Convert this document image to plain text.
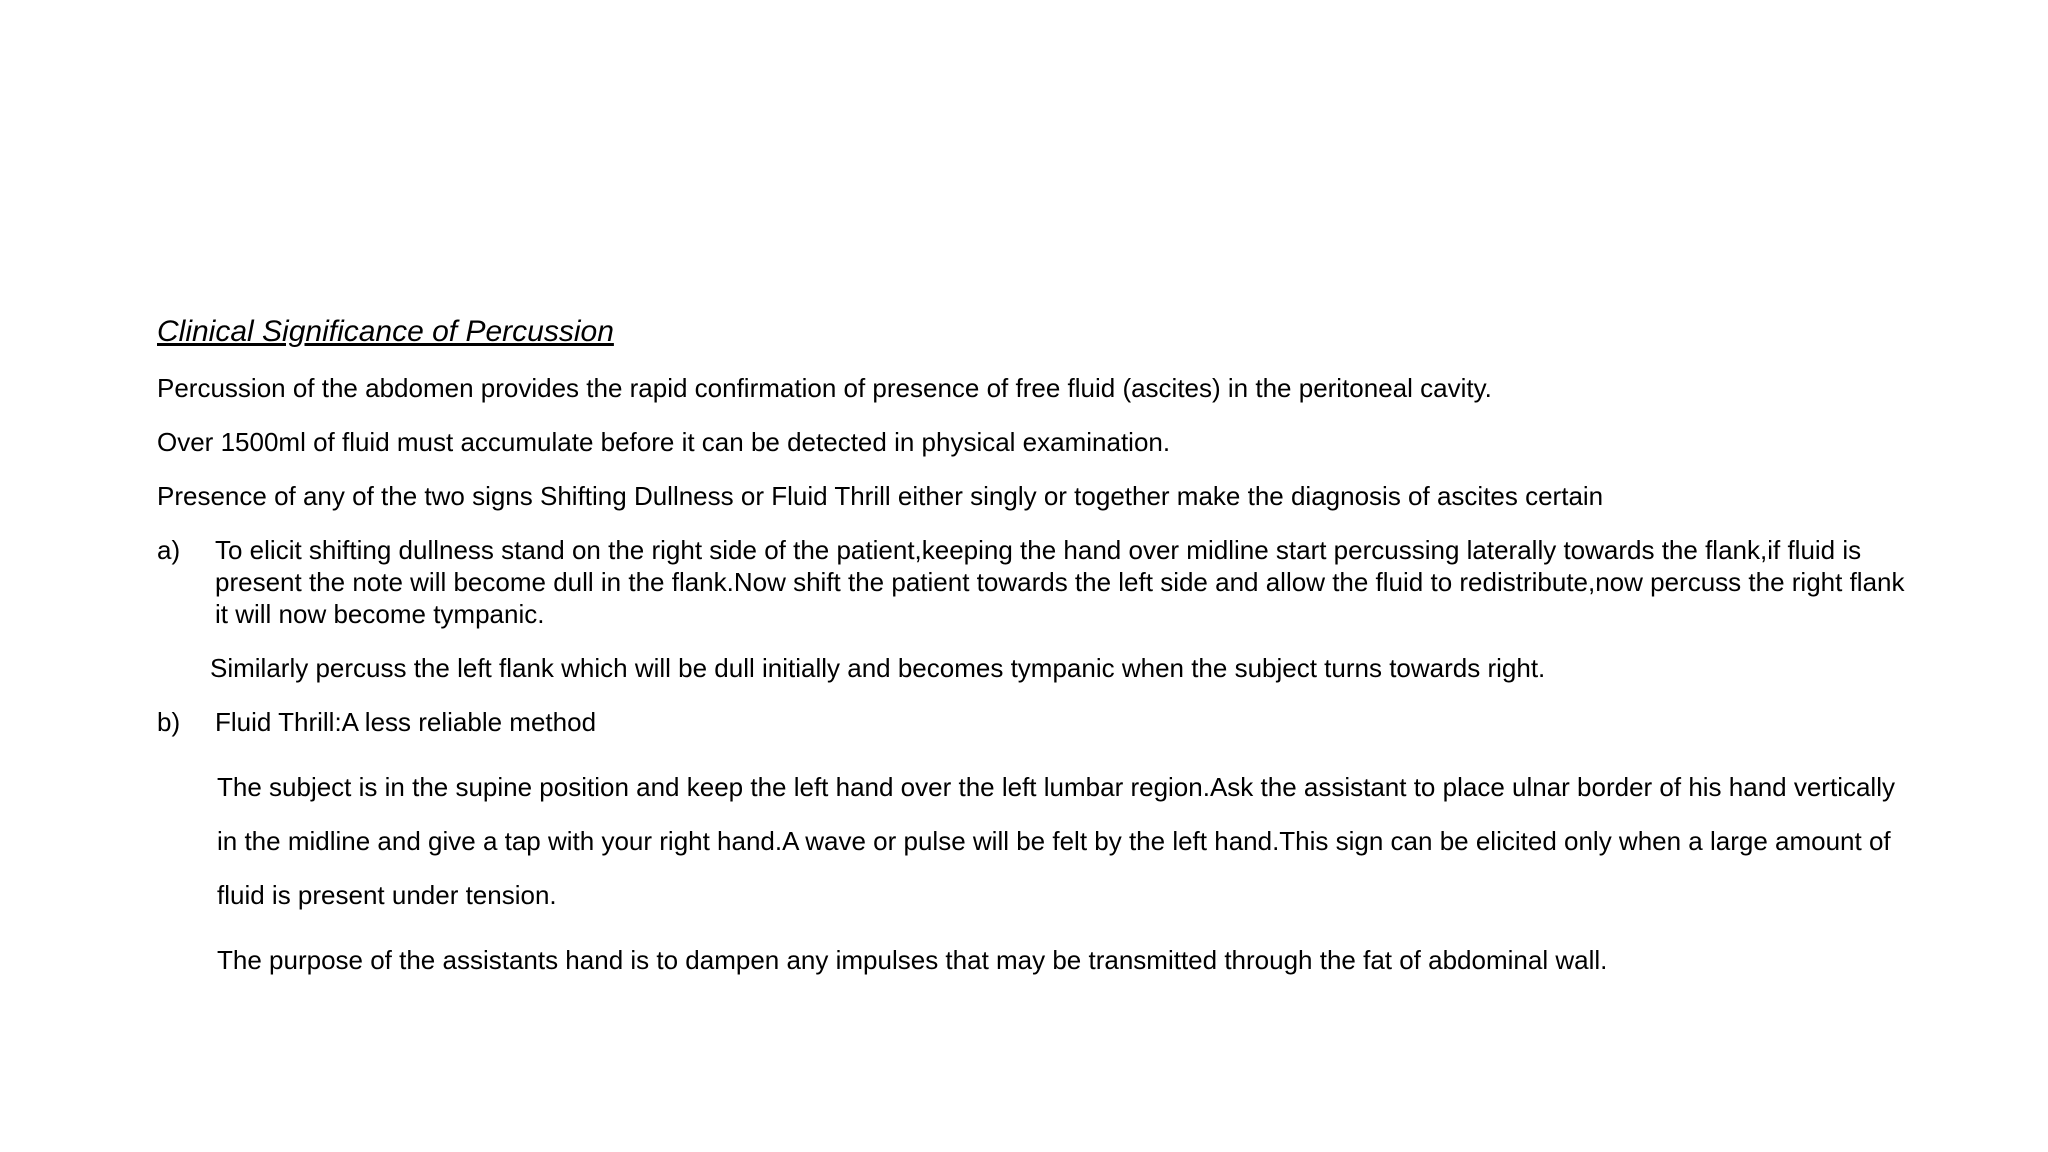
Clinical Significance of Percussion
Percussion of the abdomen provides the rapid confirmation of presence of free fluid (ascites) in the peritoneal cavity.
Over 1500ml of fluid must accumulate before it can be detected in physical examination.
Presence of any of the two signs Shifting Dullness or Fluid Thrill either singly or together make the diagnosis of ascites certain
a)	To elicit shifting dullness stand on the right side of the patient,keeping the hand over midline start percussing laterally towards the flank,if fluid is present the note will become dull in the flank.Now shift the patient towards the left side and allow the fluid to redistribute,now percuss the right flank it will now become tympanic.
Similarly percuss the left flank which will be dull initially and becomes tympanic when the subject turns towards right.
b)	Fluid Thrill:A less reliable method
The subject is in the supine position and keep the left hand over the left lumbar region.Ask the assistant to place ulnar border of his hand vertically in the midline and give a tap with your right hand.A wave or pulse will be felt by the left hand.This sign can be elicited only when a large amount of fluid is present under tension.
The purpose of the assistants hand is to dampen any impulses that may be transmitted through the fat of abdominal wall.
